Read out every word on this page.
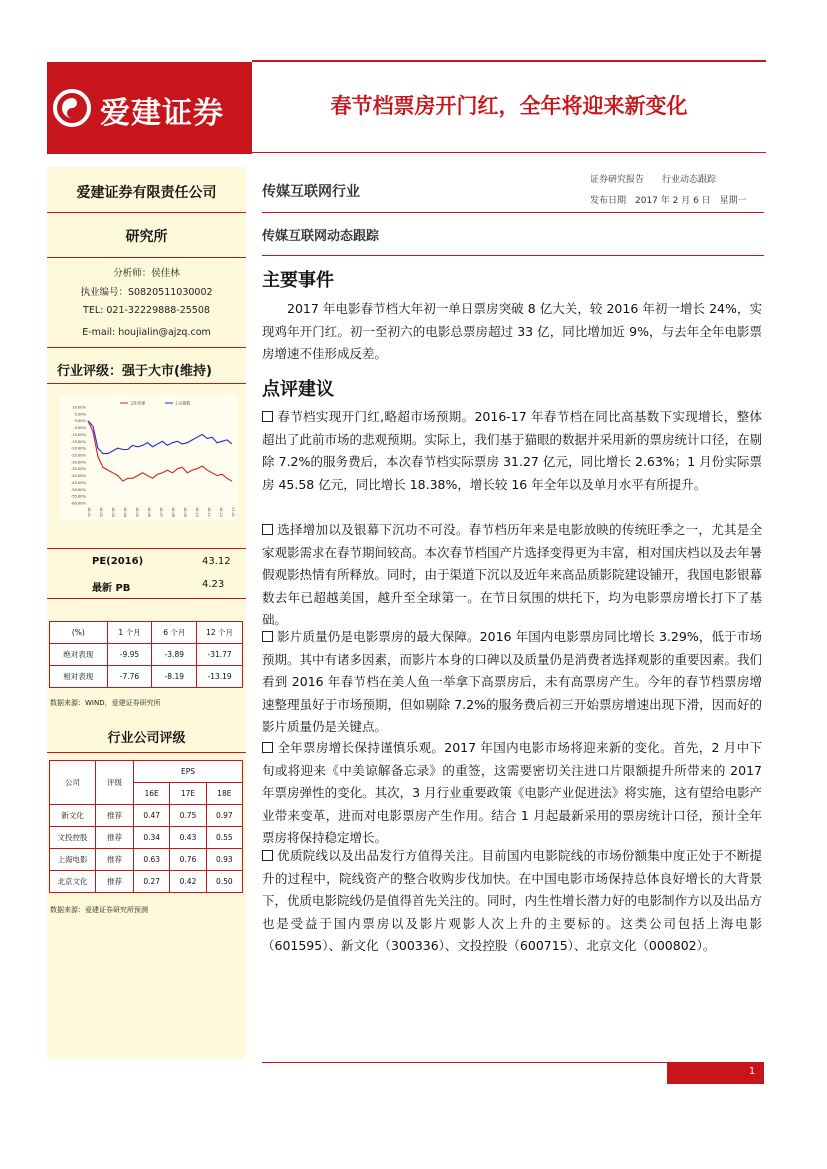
爱建证券	春节档票房开门红，全年将迎来新变化
爱建证券有限责任公司
研究所
分析师：侯佳林
执业编号：S0820511030002
TEL: 021-32229888-25508
E-mail: houjialin@ajzq.com
行业评级：强于大市(维持)
10.00%
5.00%
0.00%
-5.00%
-10.00%
-15.00%
-20.00%
-25.00%
-30.00%
-35.00%
-40.00%
-45.00%
-50.00%
-55.00%
-60.00%
16-01 16-02 16-03 16-04 16-05 16-06 16-07 16-08 16-09 16-10 16-11 16-12 17-01
文化传媒	上证指数
PE(2016)	43.12
最新 PB	4.23
(%)	1 个月	6 个月	12 个月
绝对表现	-9.95	-3.89	-31.77
相对表现	-7.76	-8.19	-13.19
数据来源：WIND，爱建证券研究所
行业公司评级
公司	评级	EPS		
		16E	17E	18E
新文化	推荐	0.47	0.75	0.97
文投控股	推荐	0.34	0.43	0.55
上海电影	推荐	0.63	0.76	0.93
北京文化	推荐	0.27	0.42	0.50
数据来源：爱建证券研究所预测
传媒互联网行业
证券研究报告　　行业动态跟踪
发布日期　2017 年 2 月 6 日　星期一
传媒互联网动态跟踪
主要事件
2017 年电影春节档大年初一单日票房突破 8 亿大关，较 2016 年初一增长 24%，实现鸡年开门红。初一至初六的电影总票房超过 33 亿，同比增加近 9%，与去年全年电影票房增速不佳形成反差。
点评建议
春节档实现开门红,略超市场预期。2016-17 年春节档在同比高基数下实现增长，整体超出了此前市场的悲观预期。实际上，我们基于猫眼的数据并采用新的票房统计口径，在剔除 7.2%的服务费后，本次春节档实际票房 31.27 亿元，同比增长 2.63%；1 月份实际票房 45.58 亿元，同比增长 18.38%，增长较 16 年全年以及单月水平有所提升。
选择增加以及银幕下沉功不可没。春节档历年来是电影放映的传统旺季之一，尤其是全家观影需求在春节期间较高。本次春节档国产片选择变得更为丰富，相对国庆档以及去年暑假观影热情有所释放。同时，由于渠道下沉以及近年来高品质影院建设铺开，我国电影银幕数去年已超越美国，越升至全球第一。在节日氛围的烘托下，均为电影票房增长打下了基础。
影片质量仍是电影票房的最大保障。2016 年国内电影票房同比增长 3.29%，低于市场预期。其中有诸多因素，而影片本身的口碑以及质量仍是消费者选择观影的重要因素。我们看到 2016 年春节档在美人鱼一举拿下高票房后，未有高票房产生。今年的春节档票房增速整理虽好于市场预期，但如剔除 7.2%的服务费后初三开始票房增速出现下滑，因而好的影片质量仍是关键点。
全年票房增长保持谨慎乐观。2017 年国内电影市场将迎来新的变化。首先，2 月中下旬或将迎来《中美谅解备忘录》的重签，这需要密切关注进口片限额提升所带来的 2017 年票房弹性的变化。其次，3 月行业重要政策《电影产业促进法》将实施，这有望给电影产业带来变革，进而对电影票房产生作用。结合 1 月起最新采用的票房统计口径，预计全年票房将保持稳定增长。
优质院线以及出品发行方值得关注。目前国内电影院线的市场份额集中度正处于不断提升的过程中，院线资产的整合收购步伐加快。在中国电影市场保持总体良好增长的大背景下，优质电影院线仍是值得首先关注的。同时，内生性增长潜力好的电影制作方以及出品方也是受益于国内票房以及影片观影人次上升的主要标的。这类公司包括上海电影（601595）、新文化（300336）、文投控股（600715）、北京文化（000802）。
1
